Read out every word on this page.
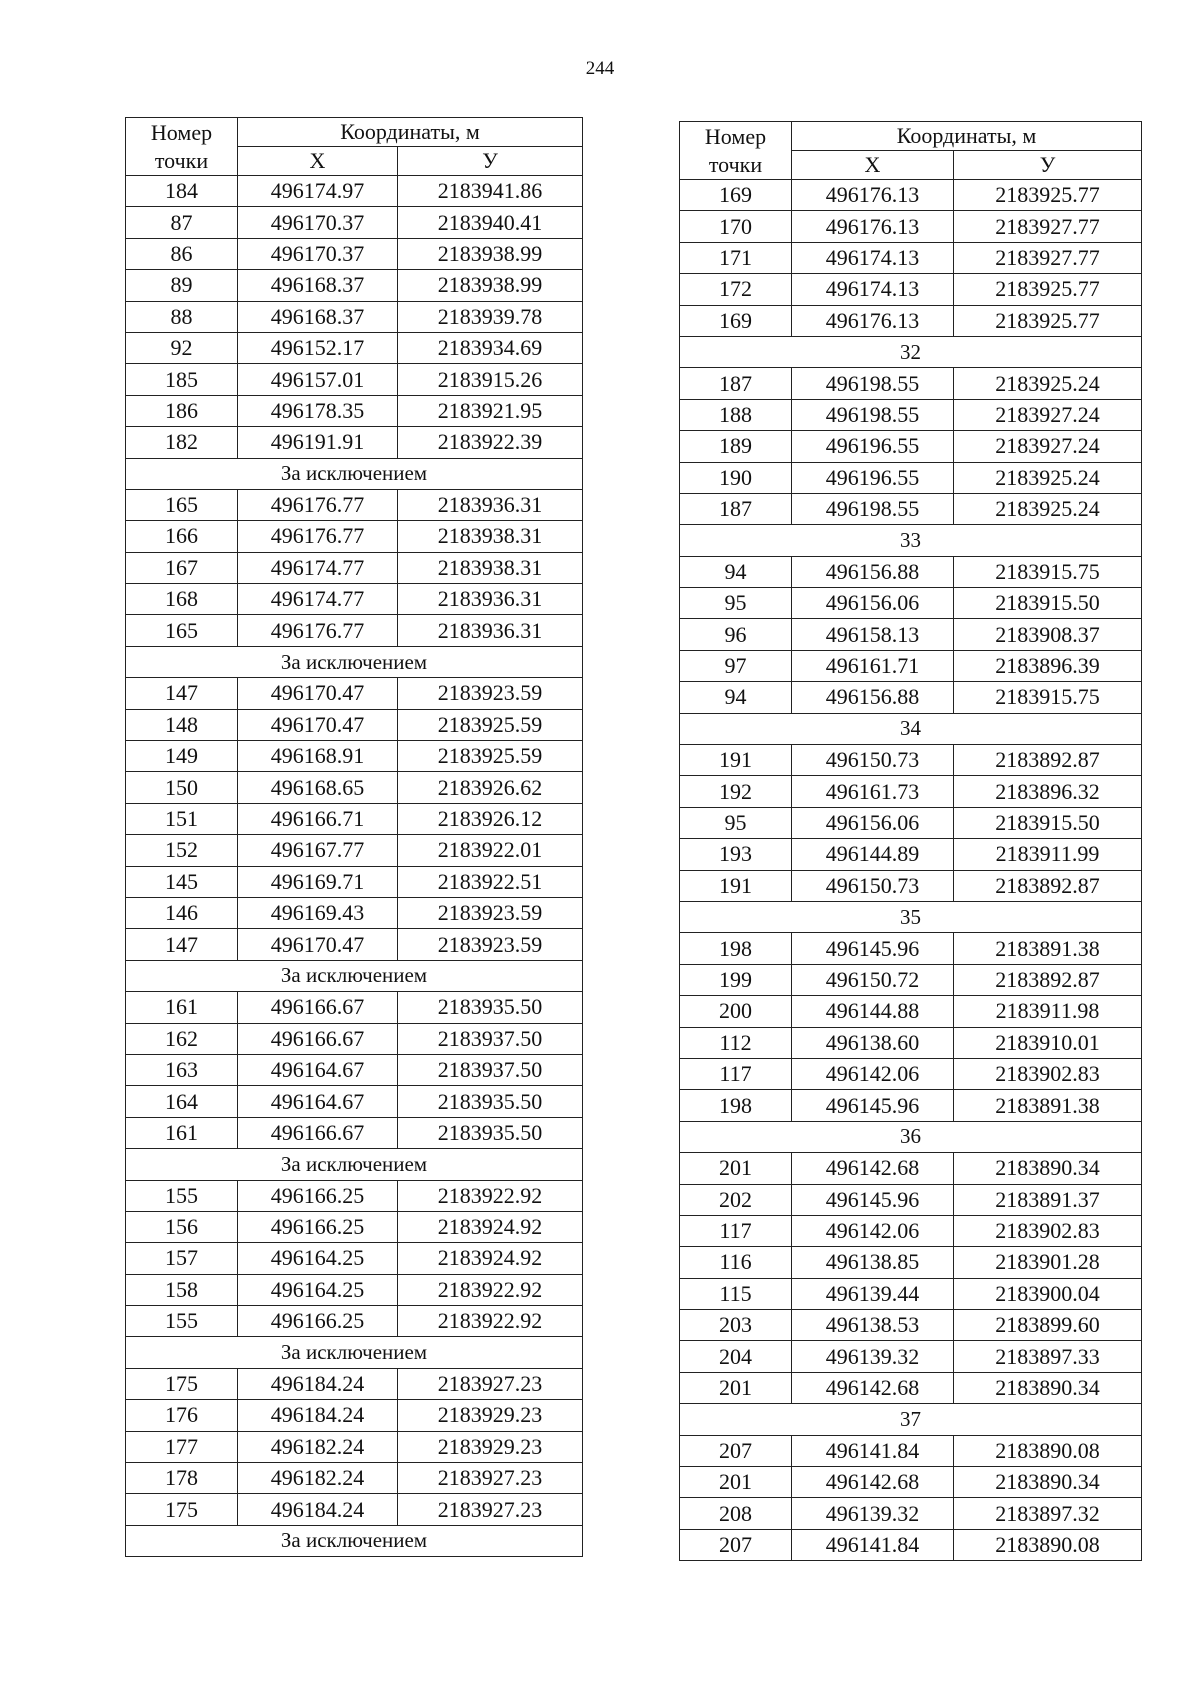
244
Номер
точки	Координаты, м	
	Х	У
184	496174.97	2183941.86
87	496170.37	2183940.41
86	496170.37	2183938.99
89	496168.37	2183938.99
88	496168.37	2183939.78
92	496152.17	2183934.69
185	496157.01	2183915.26
186	496178.35	2183921.95
182	496191.91	2183922.39
За исключением		
165	496176.77	2183936.31
166	496176.77	2183938.31
167	496174.77	2183938.31
168	496174.77	2183936.31
165	496176.77	2183936.31
За исключением		
147	496170.47	2183923.59
148	496170.47	2183925.59
149	496168.91	2183925.59
150	496168.65	2183926.62
151	496166.71	2183926.12
152	496167.77	2183922.01
145	496169.71	2183922.51
146	496169.43	2183923.59
147	496170.47	2183923.59
За исключением		
161	496166.67	2183935.50
162	496166.67	2183937.50
163	496164.67	2183937.50
164	496164.67	2183935.50
161	496166.67	2183935.50
За исключением		
155	496166.25	2183922.92
156	496166.25	2183924.92
157	496164.25	2183924.92
158	496164.25	2183922.92
155	496166.25	2183922.92
За исключением		
175	496184.24	2183927.23
176	496184.24	2183929.23
177	496182.24	2183929.23
178	496182.24	2183927.23
175	496184.24	2183927.23
За исключением		
Номер
точки	Координаты, м	
	Х	У
169	496176.13	2183925.77
170	496176.13	2183927.77
171	496174.13	2183927.77
172	496174.13	2183925.77
169	496176.13	2183925.77
32		
187	496198.55	2183925.24
188	496198.55	2183927.24
189	496196.55	2183927.24
190	496196.55	2183925.24
187	496198.55	2183925.24
33		
94	496156.88	2183915.75
95	496156.06	2183915.50
96	496158.13	2183908.37
97	496161.71	2183896.39
94	496156.88	2183915.75
34		
191	496150.73	2183892.87
192	496161.73	2183896.32
95	496156.06	2183915.50
193	496144.89	2183911.99
191	496150.73	2183892.87
35		
198	496145.96	2183891.38
199	496150.72	2183892.87
200	496144.88	2183911.98
112	496138.60	2183910.01
117	496142.06	2183902.83
198	496145.96	2183891.38
36		
201	496142.68	2183890.34
202	496145.96	2183891.37
117	496142.06	2183902.83
116	496138.85	2183901.28
115	496139.44	2183900.04
203	496138.53	2183899.60
204	496139.32	2183897.33
201	496142.68	2183890.34
37		
207	496141.84	2183890.08
201	496142.68	2183890.34
208	496139.32	2183897.32
207	496141.84	2183890.08
